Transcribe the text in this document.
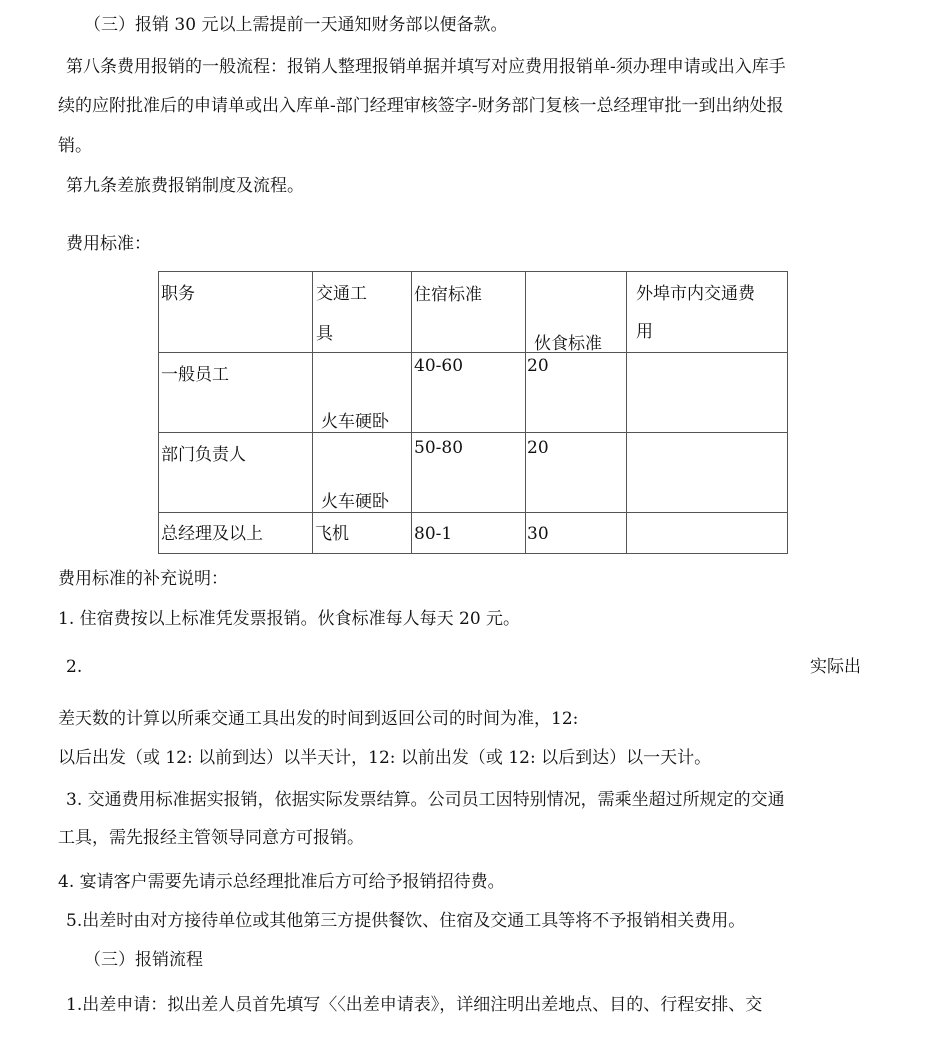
（三）报销 30 元以上需提前一天通知财务部以便备款。
第八条费用报销的一般流程：报销人整理报销单据并填写对应费用报销单-须办理申请或出入库手
续的应附批准后的申请单或出入库单-部门经理审核签字-财务部门复核一总经理审批一到出纳处报
销。
第九条差旅费报销制度及流程。
费用标准：
职务	交通工
具	住宿标准	伙食标准	外埠市内交通费
用

一般员工	火车硬卧	40-60	20	

部门负责人	火车硬卧	50-80	20	

总经理及以上	飞机	80-1	30	

费用标准的补充说明：
1. 住宿费按以上标准凭发票报销。伙食标准每人每天 20 元。
2.	实际出
差天数的计算以所乘交通工具出发的时间到返回公司的时间为准，12:
以后出发（或 12: 以前到达）以半天计，12: 以前出发（或 12: 以后到达）以一天计。
3. 交通费用标准据实报销，依据实际发票结算。公司员工因特别情况，需乘坐超过所规定的交通
工具，需先报经主管领导同意方可报销。
4. 宴请客户需要先请示总经理批准后方可给予报销招待费。
5.出差时由对方接待单位或其他第三方提供餐饮、住宿及交通工具等将不予报销相关费用。
（三）报销流程
1.出差申请：拟出差人员首先填写〈〈出差申请表》，详细注明出差地点、目的、行程安排、交
